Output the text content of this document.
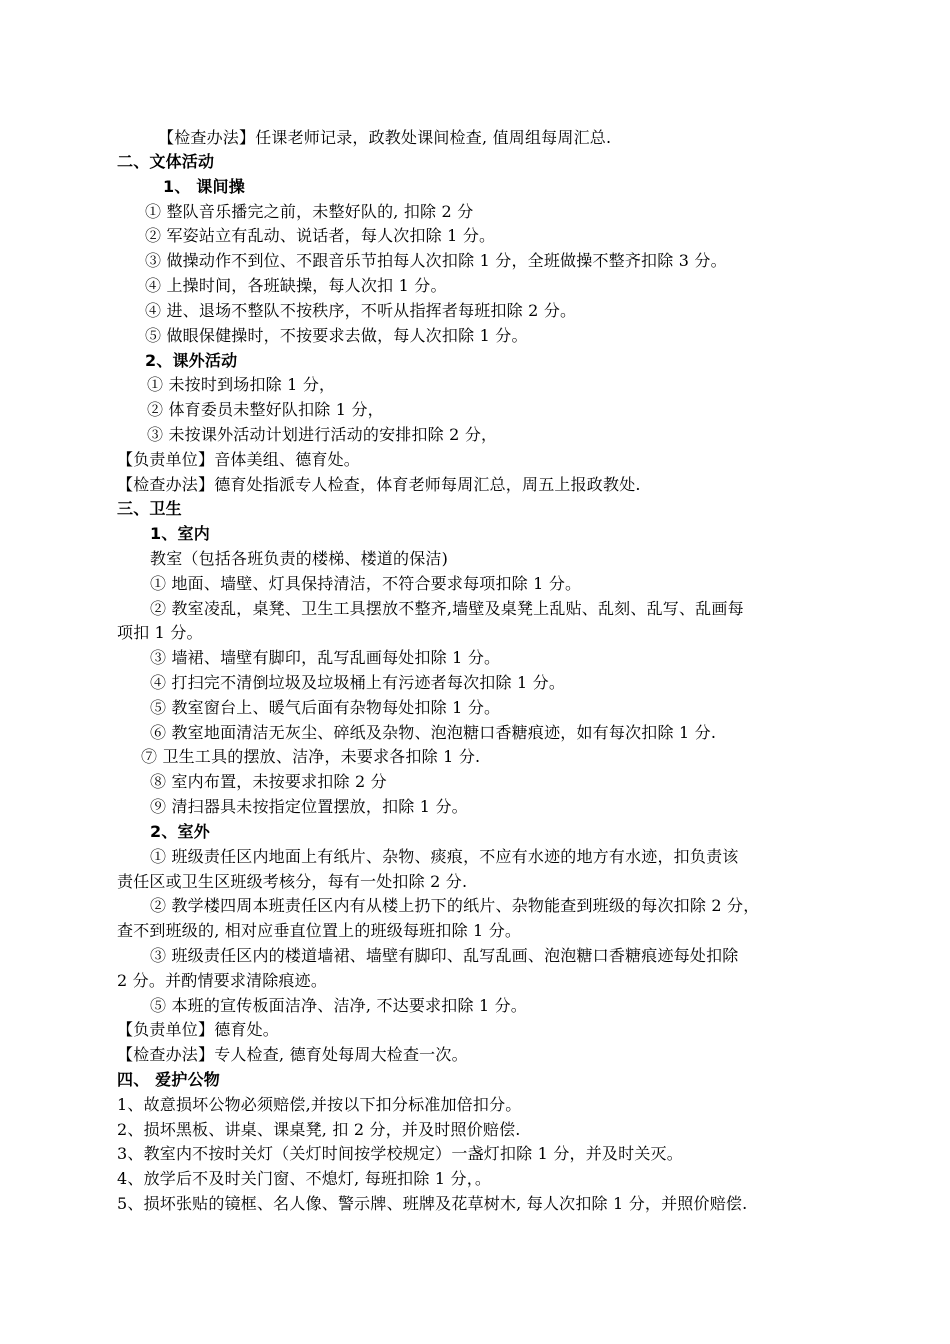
【检查办法】任课老师记录，政教处课间检查, 值周组每周汇总.
二、文体活动
1、 课间操
① 整队音乐播完之前，未整好队的, 扣除 2 分
② 军姿站立有乱动、说话者，每人次扣除 1 分。
③ 做操动作不到位、不跟音乐节拍每人次扣除 1 分，全班做操不整齐扣除 3 分。
④ 上操时间，各班缺操，每人次扣 1 分。
④ 进、退场不整队不按秩序，不听从指挥者每班扣除 2 分。
⑤ 做眼保健操时，不按要求去做，每人次扣除 1 分。
2、课外活动
① 未按时到场扣除 1 分，
② 体育委员未整好队扣除 1 分，
③ 未按课外活动计划进行活动的安排扣除 2 分，
【负责单位】音体美组、德育处。
【检查办法】德育处指派专人检查，体育老师每周汇总，周五上报政教处.
三、卫生
1、室内
教室（包括各班负责的楼梯、楼道的保洁)
① 地面、墙壁、灯具保持清洁，不符合要求每项扣除 1 分。
② 教室凌乱，桌凳、卫生工具摆放不整齐,墙壁及桌凳上乱贴、乱刻、乱写、乱画每
项扣 1 分。
③ 墙裙、墙壁有脚印，乱写乱画每处扣除 1 分。
④ 打扫完不清倒垃圾及垃圾桶上有污迹者每次扣除 1 分。
⑤ 教室窗台上、暖气后面有杂物每处扣除 1 分。
⑥ 教室地面清洁无灰尘、碎纸及杂物、泡泡糖口香糖痕迹，如有每次扣除 1 分.
⑦ 卫生工具的摆放、洁净，未要求各扣除 1 分.
⑧ 室内布置，未按要求扣除 2 分
⑨ 清扫器具未按指定位置摆放，扣除 1 分。
2、室外
① 班级责任区内地面上有纸片、杂物、痰痕，不应有水迹的地方有水迹，扣负责该
责任区或卫生区班级考核分，每有一处扣除 2 分.
② 教学楼四周本班责任区内有从楼上扔下的纸片、杂物能查到班级的每次扣除 2 分，
查不到班级的, 相对应垂直位置上的班级每班扣除 1 分。
③ 班级责任区内的楼道墙裙、墙壁有脚印、乱写乱画、泡泡糖口香糖痕迹每处扣除
2 分。并酌情要求清除痕迹。
⑤ 本班的宣传板面洁净、洁净, 不达要求扣除 1 分。
【负责单位】德育处。
【检查办法】专人检查, 德育处每周大检查一次。
四、 爱护公物
1、故意损坏公物必须赔偿,并按以下扣分标准加倍扣分。
2、损坏黑板、讲桌、课桌凳, 扣 2 分，并及时照价赔偿.
3、教室内不按时关灯（关灯时间按学校规定）一盏灯扣除 1 分，并及时关灭。
4、放学后不及时关门窗、不熄灯, 每班扣除 1 分，。
5、损坏张贴的镜框、名人像、警示牌、班牌及花草树木, 每人次扣除 1 分，并照价赔偿.
